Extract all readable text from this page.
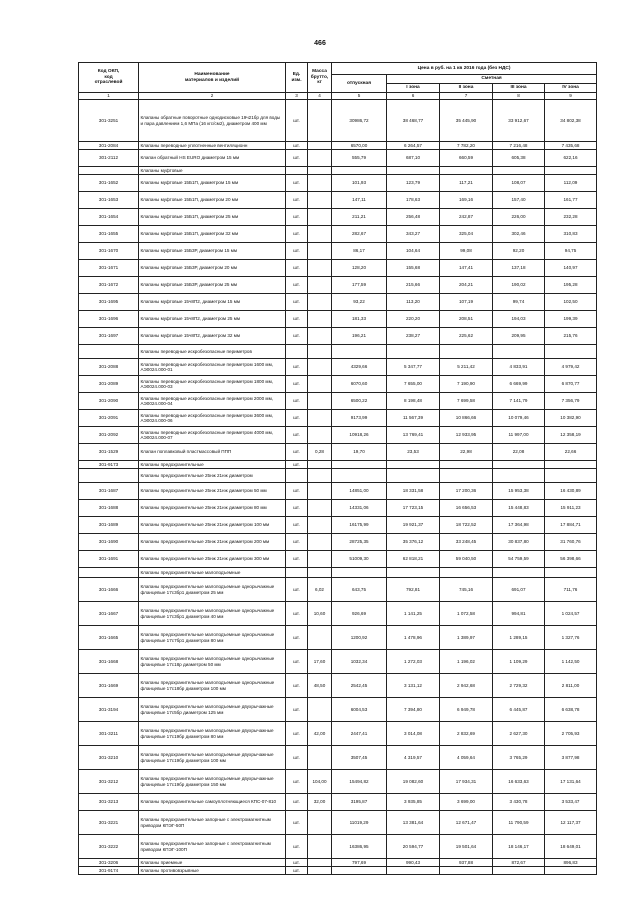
466
Код ОКП,
код
отраслевой	Наименование
материалов и изделий	Ед.
изм.	Масса
брутто,
кг	Цена в руб. на 1 кв 2016 года (без НДС)				
				отпускная	Сметная			
					I зона	II зона	III зона	IV зона
1	2	3	4	5	6	7	8	9
301-3251	Клапаны обратные поворотные однодисковые 19ч21бр для воды и пара давлением 1,6 МПа (16 кгс/см2), диаметром 400 мм	шт.		30986,72	38 468,77	35 445,90	33 912,67	34 802,38
301-2084	Клапаны переводные уплотненные вентиляционн	шт.		6570,00	6 264,57	7 782,20	7 216,48	7 435,68
301-2112	Клапан обратный HS EURO диаметром 15 мм	шт.		555,79	687,10	660,59	605,38	622,16
	Клапаны муфтовые							
301-1652	Клапаны муфтовые 15Б1П, диаметром 15 мм	шт.		101,93	123,79	117,21	108,07	112,09
301-1653	Клапаны муфтовые 15Б1П, диаметром 20 мм	шт.		147,11	178,63	169,16	157,40	161,77
301-1654	Клапаны муфтовые 15Б1П, диаметром 25 мм	шт.		211,21	256,48	242,87	226,00	232,28
301-1655	Клапаны муфтовые 15Б1П, диаметром 32 мм	шт.		282,67	343,27	325,04	302,46	310,83
301-1670	Клапаны муфтовые 15Б3Р, диаметром 15 мм	шт.		86,17	104,64	99,08	92,20	94,75
301-1671	Клапаны муфтовые 15Б3Р, диаметром 20 мм	шт.		128,20	155,68	147,41	137,18	140,97
301-1672	Клапаны муфтовые 15Б3Р, диаметром 25 мм	шт.		177,59	215,66	204,21	190,02	195,28
301-1695	Клапаны муфтовые 15ч8П2, диаметром 15 мм	шт.		93,22	113,20	107,19	99,74	102,50
301-1696	Клапаны муфтовые 15ч8П2, диаметром 25 мм	шт.		181,33	220,20	208,51	194,03	199,39
301-1697	Клапаны муфтовые 15ч8П2, диаметром 32 мм	шт.		196,21	238,27	225,62	209,95	215,76
	Клапаны переводные искробезопасные периметров							
301-2088	Клапаны переводные искробезопасные периметром 1600 мм, АЭ0024.000-01	шт.		4329,66	5 347,77	5 211,42	4 833,91	4 979,42
301-2089	Клапаны переводные искробезопасные периметром 1800 мм, АЭ0024.000-03	шт.		6070,60	7 655,00	7 190,90	6 669,99	6 870,77
301-2090	Клапаны переводные искробезопасные периметром 2000 мм, АЭ0024.000-04	шт.		6500,22	8 198,48	7 699,58	7 141,79	7 356,79
301-2091	Клапаны переводные искробезопасные периметром 3600 мм, АЭ0024.000-06	шт.		9173,99	11 567,39	10 866,66	10 079,46	10 382,90
301-2092	Клапаны переводные искробезопасные периметром 4000 мм, АЭ0024.000-07	шт.		10918,26	13 769,41	12 933,95	11 997,00	12 358,19
301-1529	Клапан поплавковый пластмассовый ППП	шт.	0,28	19,70	23,53	22,98	22,08	22,66
301-9173	Клапаны предохранительные	шт.						
	Клапаны предохранительные 25нж 21нж диаметром							
301-1687	Клапаны предохранительные 25нж 21нж диаметром 50 мм	шт.		14851,00	18 331,58	17 200,36	15 953,38	16 430,89
301-1688	Клапаны предохранительные 25нж 21нж диаметром 80 мм	шт.		14331,06	17 723,15	16 656,53	15 448,83	15 911,23
301-1689	Клапаны предохранительные 25нж 21нж диаметром 100 мм	шт.		16175,99	19 921,37	18 722,52	17 364,98	17 884,71
301-1690	Клапаны предохранительные 25нж 21нж диаметром 200 мм	шт.		28725,35	35 376,12	33 248,45	30 837,80	31 760,76
301-1691	Клапаны предохранительные 25нж 21нж диаметром 300 мм	шт.		51009,30	62 818,21	59 040,50	54 759,59	56 398,66
	Клапаны предохранительные малоподъемные							
301-1666	Клапаны предохранительные малоподъемные однорычажные фланцевые 17с3бр1 диаметром 25 мм	шт.	6,02	643,75	792,81	745,16	691,07	711,76
301-1667	Клапаны предохранительные малоподъемные однорычажные фланцевые 17с3бр1 диаметром 40 мм	шт.	10,60	926,69	1 141,25	1 072,58	994,81	1 024,57
301-1665	Клапаны предохранительные малоподъемные однорычажные фланцевые 17с7бр1 диаметром 80 мм	шт.		1200,92	1 478,96	1 389,97	1 289,15	1 327,76
301-1668	Клапаны предохранительные малоподъемные однорычажные фланцевые 17с18р диаметром 50 мм	шт.	17,60	1032,34	1 272,03	1 196,02	1 109,29	1 142,50
301-1669	Клапаны предохранительные малоподъемные однорычажные фланцевые 17с18бр диаметром 100 мм	шт.	48,50	2542,45	3 131,12	2 942,68	2 729,32	2 811,00
301-3194	Клапаны предохранительные малоподъемные двухрычажные фланцевые 17с5бр диаметром 125 мм	шт.		6004,53	7 394,80	6 949,78	6 445,87	6 638,78
301-3211	Клапаны предохранительные малоподъемные двухрычажные фланцевые 17с19бр диаметром 80 мм	шт.	42,00	2447,41	3 014,08	2 832,69	2 627,30	2 705,93
301-3210	Клапаны предохранительные малоподъемные двухрычажные фланцевые 17с19бр диаметром 100 мм	шт.		3507,45	4 319,57	4 059,64	3 765,29	3 877,98
301-3212	Клапаны предохранительные малоподъемные двухрычажные фланцевые 17с19бр диаметром 150 мм	шт.	104,00	15494,82	19 082,60	17 934,31	16 633,63	17 131,64
301-3213	Клапаны предохранительные самоуплотняющиеся КПС-07-810	шт.	32,00	3195,87	3 935,85	3 699,00	3 430,78	3 533,47
301-3221	Клапаны предохранительные запорные с электромагнитным приводом КПЭГ-50П	шт.		11019,29	13 381,64	12 671,47	11 790,59	12 117,37
301-3222	Клапаны предохранительные запорные с электромагнитным приводом КПЭГ-100П	шт.		16386,95	20 594,77	19 501,64	18 146,17	18 649,01
301-3206	Клапаны приемные	шт.		797,69	990,43	937,88	872,67	896,83
301-9174	Клапаны противовзрывные	шт.						
